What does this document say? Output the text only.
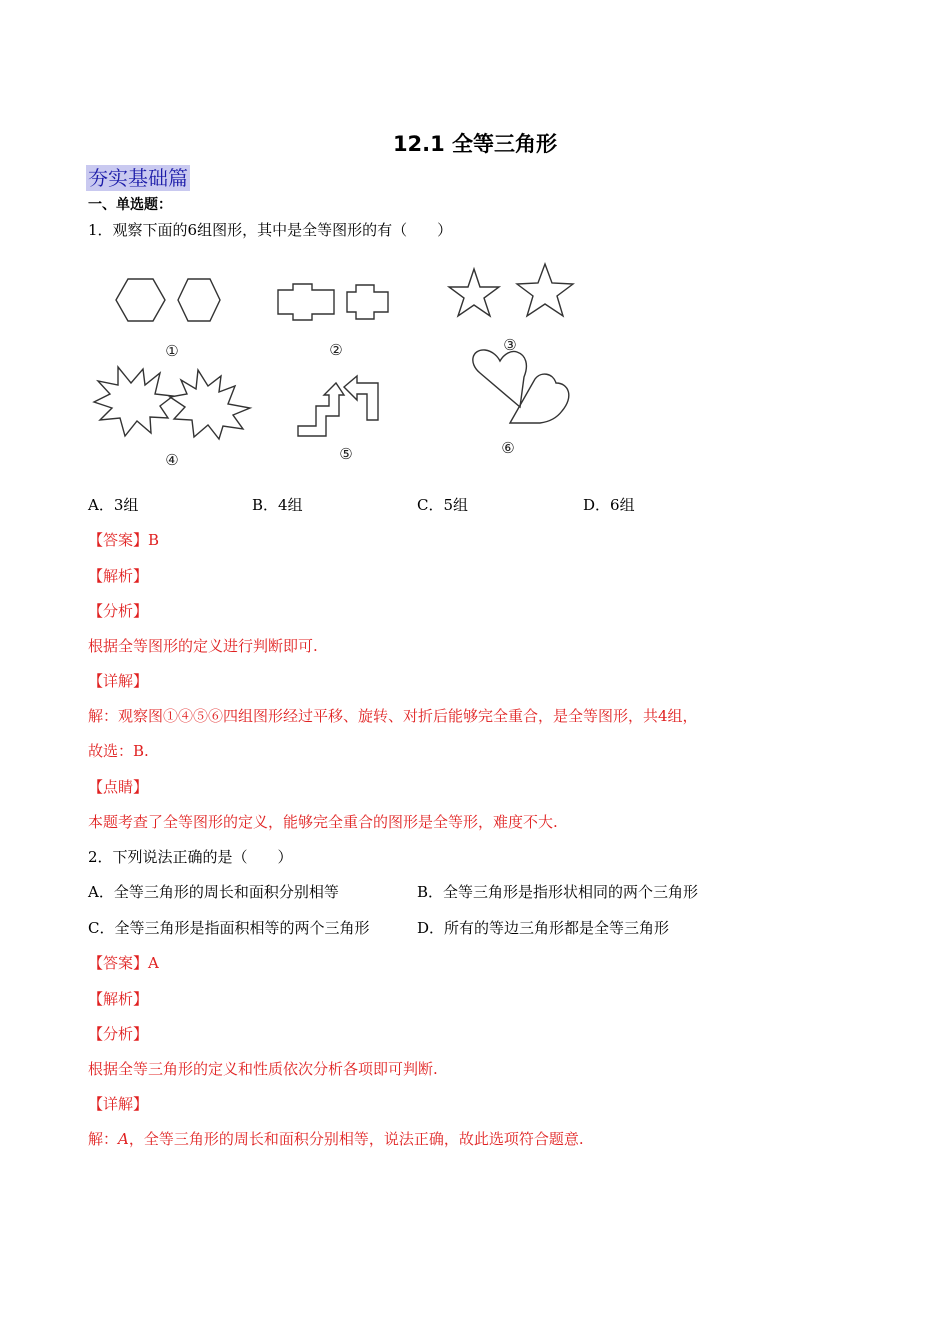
12.1 全等三角形
夯实基础篇
一、单选题：
1．观察下面的6组图形，其中是全等图形的有（　　）
①	②	③
④	⑤	⑥
A．3组	B．4组	C．5组	D．6组
【答案】B
【解析】
【分析】
根据全等图形的定义进行判断即可.
【详解】
解：观察图①④⑤⑥四组图形经过平移、旋转、对折后能够完全重合，是全等图形，共4组，
故选：B.
【点睛】
本题考查了全等图形的定义，能够完全重合的图形是全等形，难度不大.
2．下列说法正确的是（　　）
A．全等三角形的周长和面积分别相等	B．全等三角形是指形状相同的两个三角形
C．全等三角形是指面积相等的两个三角形	D．所有的等边三角形都是全等三角形
【答案】A
【解析】
【分析】
根据全等三角形的定义和性质依次分析各项即可判断.
【详解】
解：A，全等三角形的周长和面积分别相等，说法正确，故此选项符合题意.
